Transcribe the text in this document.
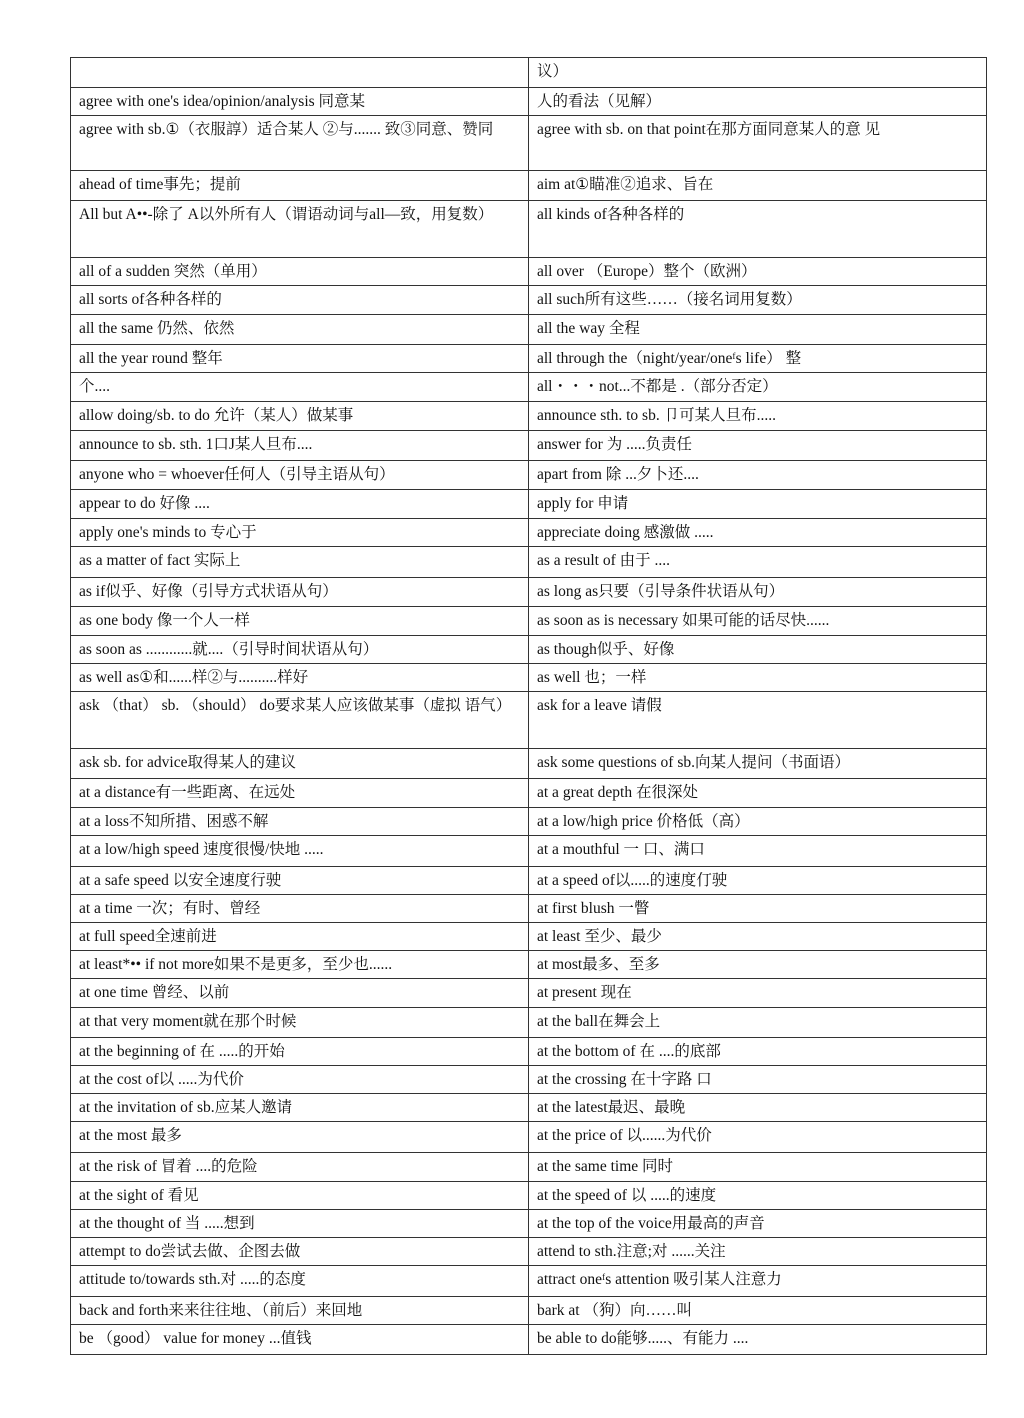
	议）
agree with one's idea/opinion/analysis 同意某	人的看法（见解）
agree with sb.①（衣服諄）适合某人 ②与....... 致③同意、赞同	agree with sb. on that point在那方面同意某人的意 见
ahead of time事先；提前	aim at①瞄准②追求、旨在
All but A••-除了 A以外所有人（谓语动词与all—致，用复数）	all kinds of各种各样的
all of a sudden 突然（单用）	all over （Europe）整个（欧洲）
all sorts of各种各样的	all such所有这些……（接名词用复数）
all the same 仍然、依然	all the way 全程
all the year round 整年	all through the（night/year/oneᶠs life） 整
个....	all・・・not...不都是 .（部分否定）
allow doing/sb. to do 允许（某人）做某事	announce sth. to sb. 卩可某人旦布.....
announce to sb. sth. 1口J某人旦布....	answer for 为 .....负责任
anyone who = whoever任何人（引导主语从句）	apart from 除 ...夕卜还....
appear to do 好像 ....	apply for 申请
apply one's minds to 专心于	appreciate doing 感激做 .....
as a matter of fact 实际上	as a result of 由于 ....
as if似乎、好像（引导方式状语从句）	as long as只要（引导条件状语从句）
as one body 像一个人一样	as soon as is necessary 如果可能的话尽快......
as soon as ............就....（引导时间状语从句）	as though似乎、好像
as well as①和......样②与..........样好	as well 也；一样
ask （that） sb. （should） do要求某人应该做某事（虚拟 语气）	ask for a leave 请假
ask sb. for advice取得某人的建议	ask some questions of sb.向某人提问（书面语）
at a distance有一些距离、在远处	at a great depth 在很深处
at a loss不知所措、困惑不解	at a low/high price 价格低（高）
at a low/high speed 速度很慢/快地 .....	at a mouthful 一 口、满口
at a safe speed 以安全速度行驶	at a speed of以.....的速度仃驶
at a time 一次；有时、曾经	at first blush 一瞥
at full speed全速前进	at least 至少、最少
at least*•• if not more如果不是更多，至少也......	at most最多、至多
at one time 曾经、以前	at present 现在
at that very moment就在那个时候	at the ball在舞会上
at the beginning of 在 .....的开始	at the bottom of 在 ....的底部
at the cost of以 .....为代价	at the crossing 在十字路 口
at the invitation of sb.应某人邀请	at the latest最迟、最晚
at the most 最多	at the price of 以......为代价
at the risk of 冒着 ....的危险	at the same time 同时
at the sight of 看见	at the speed of 以 .....的速度
at the thought of 当 .....想到	at the top of the voice用最高的声音
attempt to do尝试去做、企图去做	attend to sth.注意;对 ......关注
attitude to/towards sth.对 .....的态度	attract oneᶠs attention 吸引某人注意力
back and forth来来往往地、（前后）来回地	bark at （狗）向……叫
be （good） value for money ...值钱	be able to do能够.....、有能力 ....
